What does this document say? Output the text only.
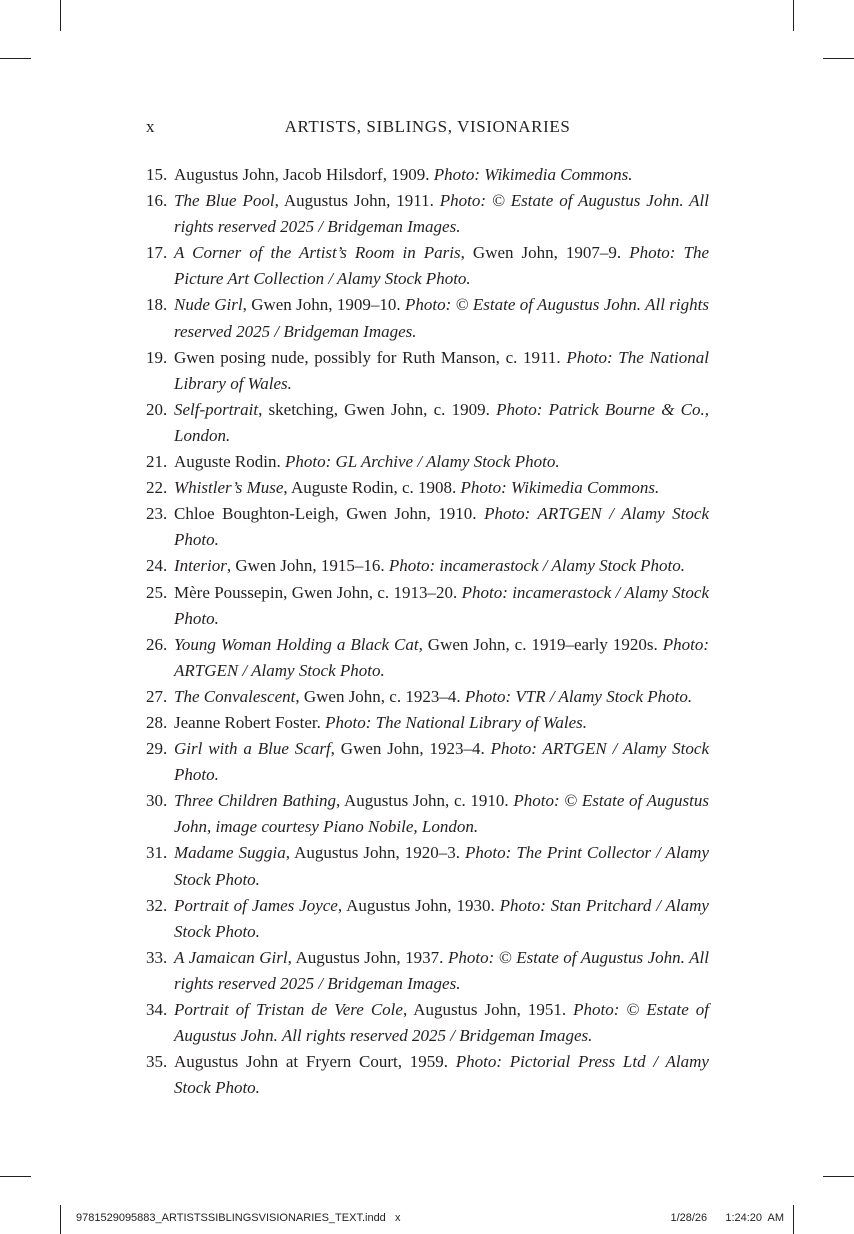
x	ARTISTS, SIBLINGS, VISIONARIES
15. Augustus John, Jacob Hilsdorf, 1909. Photo: Wikimedia Commons.
16. The Blue Pool, Augustus John, 1911. Photo: © Estate of Augustus John. All rights reserved 2025 / Bridgeman Images.
17. A Corner of the Artist’s Room in Paris, Gwen John, 1907–9. Photo: The Picture Art Collection / Alamy Stock Photo.
18. Nude Girl, Gwen John, 1909–10. Photo: © Estate of Augustus John. All rights reserved 2025 / Bridgeman Images.
19. Gwen posing nude, possibly for Ruth Manson, c. 1911. Photo: The National Library of Wales.
20. Self-portrait, sketching, Gwen John, c. 1909. Photo: Patrick Bourne & Co., London.
21. Auguste Rodin. Photo: GL Archive / Alamy Stock Photo.
22. Whistler’s Muse, Auguste Rodin, c. 1908. Photo: Wikimedia Commons.
23. Chloe Boughton-Leigh, Gwen John, 1910. Photo: ARTGEN / Alamy Stock Photo.
24. Interior, Gwen John, 1915–16. Photo: incamerastock / Alamy Stock Photo.
25. Mère Poussepin, Gwen John, c. 1913–20. Photo: incamerastock / Alamy Stock Photo.
26. Young Woman Holding a Black Cat, Gwen John, c. 1919–early 1920s. Photo: ARTGEN / Alamy Stock Photo.
27. The Convalescent, Gwen John, c. 1923–4. Photo: VTR / Alamy Stock Photo.
28. Jeanne Robert Foster. Photo: The National Library of Wales.
29. Girl with a Blue Scarf, Gwen John, 1923–4. Photo: ARTGEN / Alamy Stock Photo.
30. Three Children Bathing, Augustus John, c. 1910. Photo: © Estate of Augustus John, image courtesy Piano Nobile, London.
31. Madame Suggia, Augustus John, 1920–3. Photo: The Print Collector / Alamy Stock Photo.
32. Portrait of James Joyce, Augustus John, 1930. Photo: Stan Pritchard / Alamy Stock Photo.
33. A Jamaican Girl, Augustus John, 1937. Photo: © Estate of Augustus John. All rights reserved 2025 / Bridgeman Images.
34. Portrait of Tristan de Vere Cole, Augustus John, 1951. Photo: © Estate of Augustus John. All rights reserved 2025 / Bridgeman Images.
35. Augustus John at Fryern Court, 1959. Photo: Pictorial Press Ltd / Alamy Stock Photo.
9781529095883_ARTISTSSIBLINGSVISIONARIES_TEXT.indd   x	1/28/26   1:24:20 AM
